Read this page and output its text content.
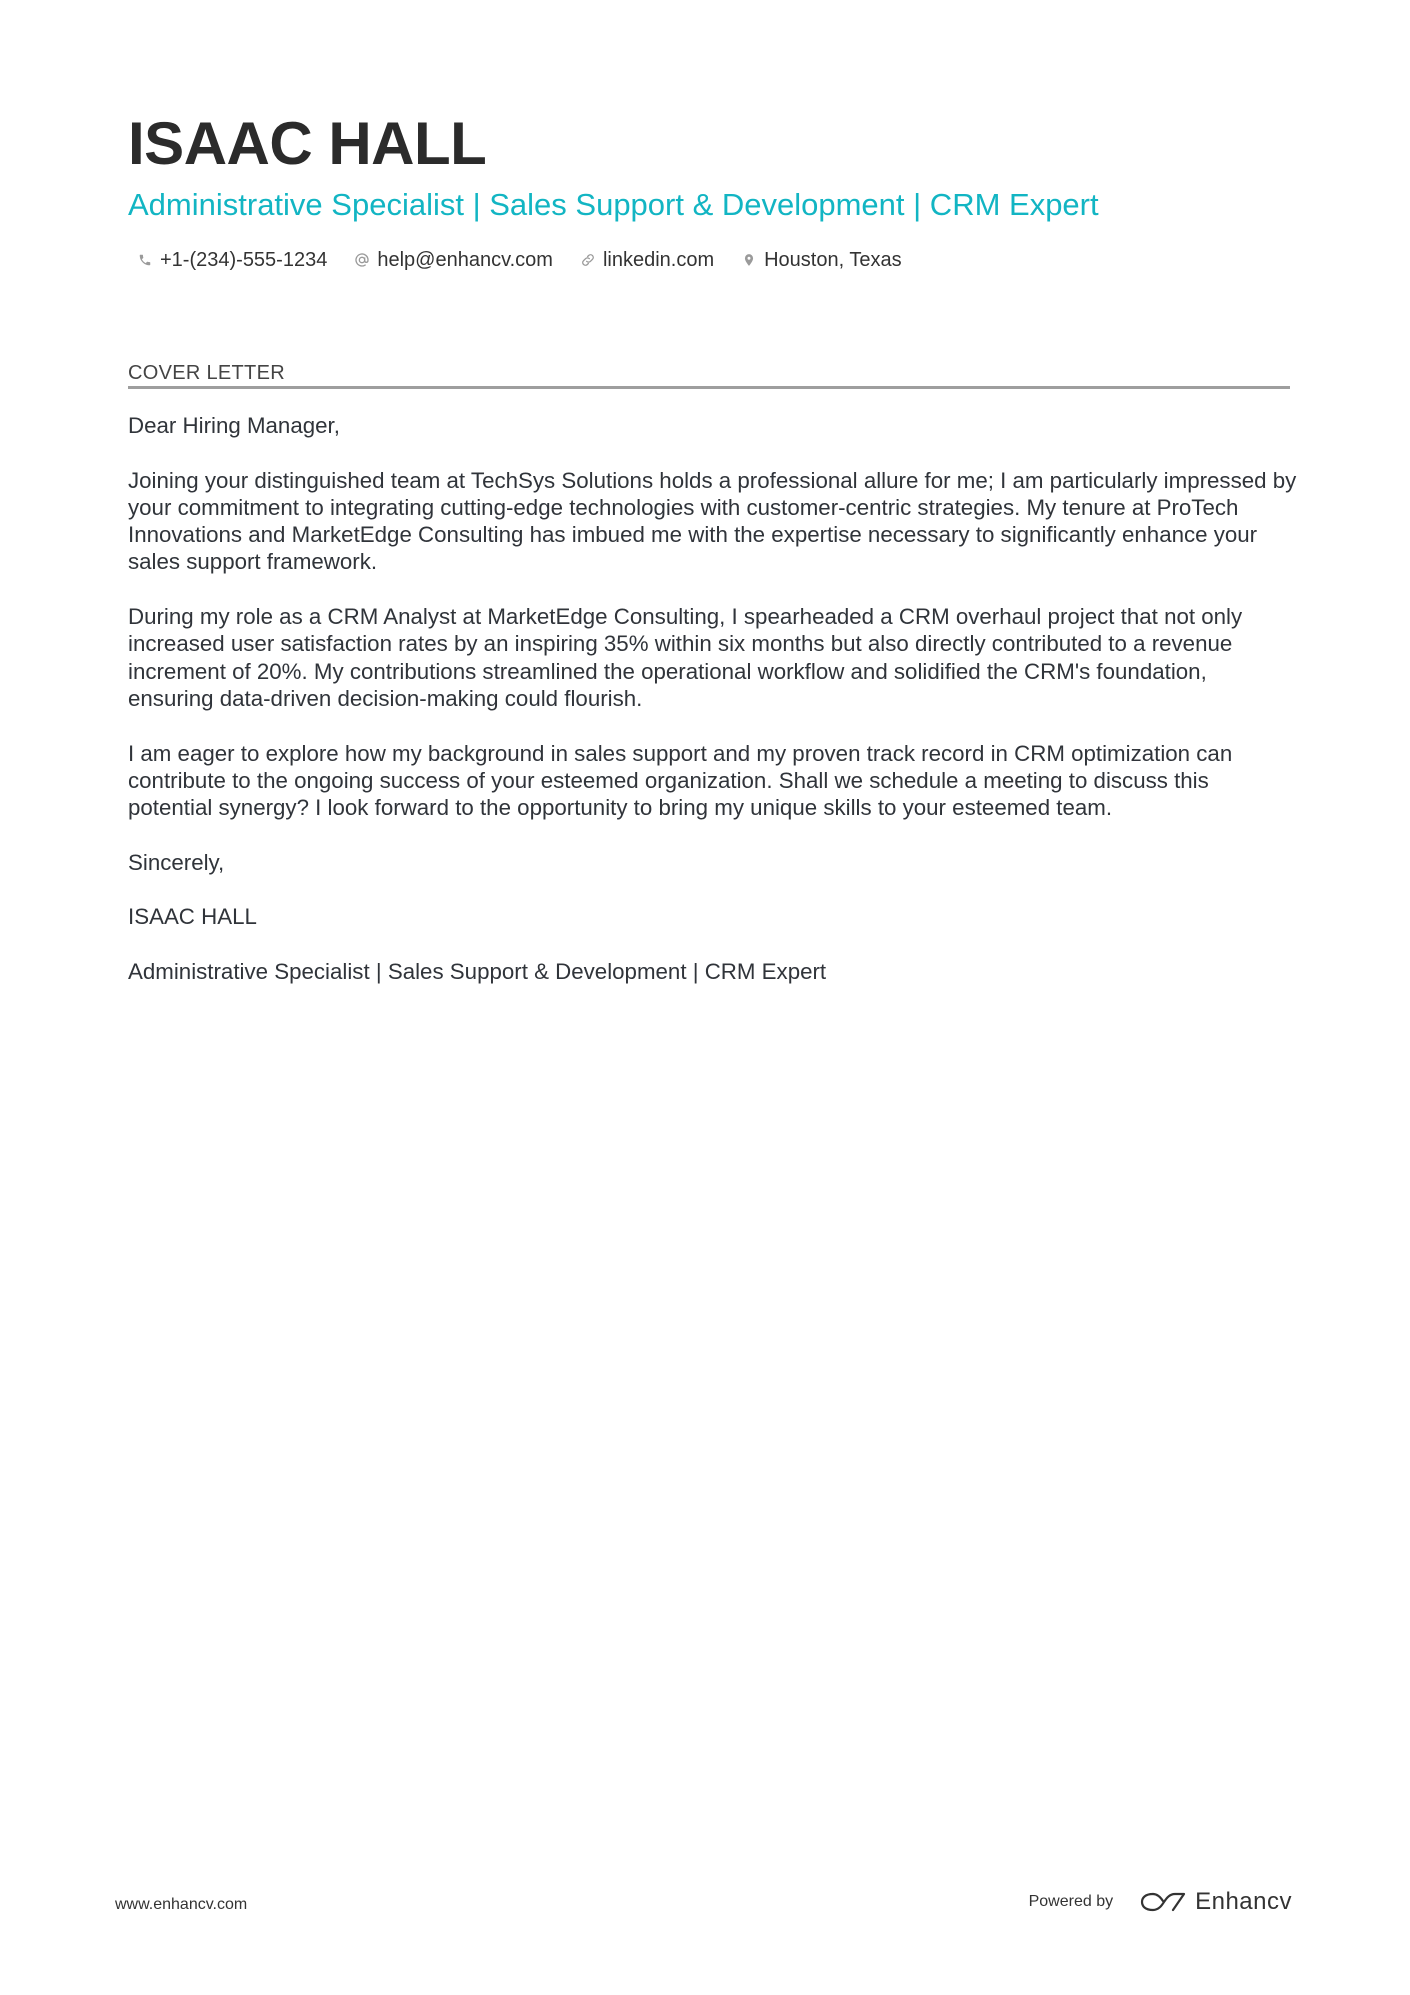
ISAAC HALL
Administrative Specialist | Sales Support & Development | CRM Expert
+1-(234)-555-1234	help@enhancv.com	linkedin.com	Houston, Texas
COVER LETTER

Dear Hiring Manager,

Joining your distinguished team at TechSys Solutions holds a professional allure for me; I am particularly impressed by your commitment to integrating cutting-edge technologies with customer-centric strategies. My tenure at ProTech Innovations and MarketEdge Consulting has imbued me with the expertise necessary to significantly enhance your sales support framework.

During my role as a CRM Analyst at MarketEdge Consulting, I spearheaded a CRM overhaul project that not only increased user satisfaction rates by an inspiring 35% within six months but also directly contributed to a revenue increment of 20%. My contributions streamlined the operational workflow and solidified the CRM's foundation, ensuring data-driven decision-making could flourish.

I am eager to explore how my background in sales support and my proven track record in CRM optimization can contribute to the ongoing success of your esteemed organization. Shall we schedule a meeting to discuss this potential synergy? I look forward to the opportunity to bring my unique skills to your esteemed team.

Sincerely,

ISAAC HALL

Administrative Specialist | Sales Support & Development | CRM Expert

www.enhancv.com	Powered by	Enhancv
